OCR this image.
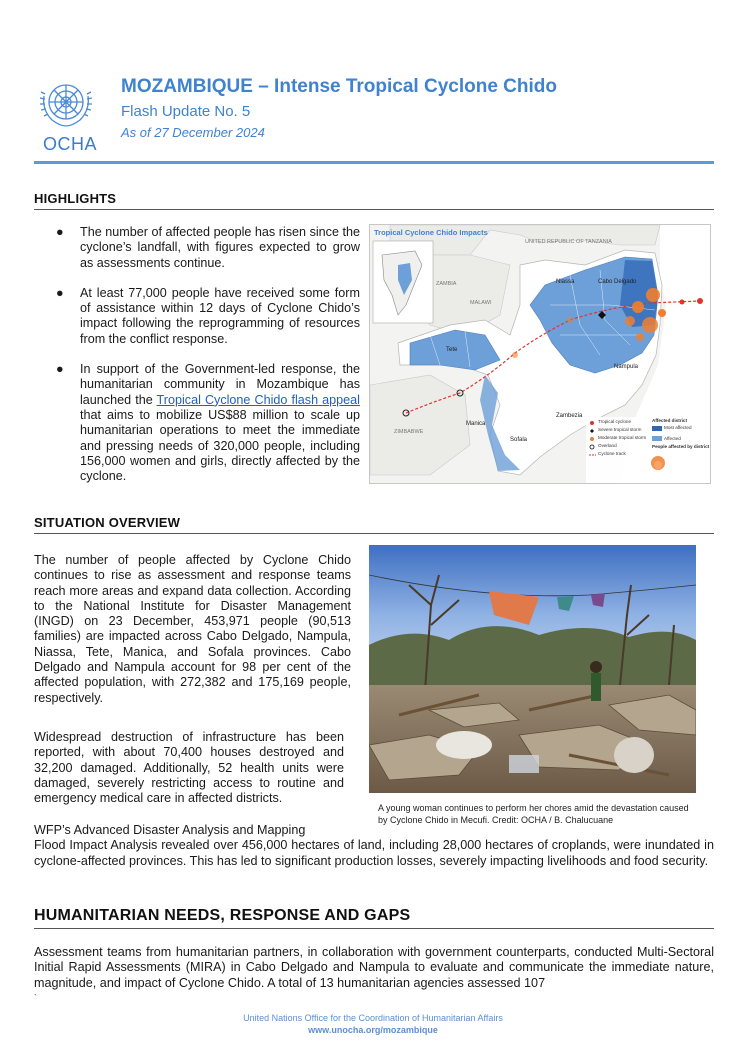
OCHA
MOZAMBIQUE – Intense Tropical Cyclone Chido
Flash Update No. 5
As of 27 December 2024
HIGHLIGHTS
● The number of affected people has risen since the cyclone’s landfall, with figures expected to grow as assessments continue.
● At least 77,000 people have received some form of assistance within 12 days of Cyclone Chido’s impact following the reprogramming of resources from the conflict response.
● In support of the Government-led response, the humanitarian community in Mozambique has launched the Tropical Cyclone Chido flash appeal that aims to mobilize US$88 million to scale up humanitarian operations to meet the immediate and pressing needs of 320,000 people, including 156,000 women and girls, directly affected by the cyclone.
Tropical Cyclone Chido Impacts
UNITED REPUBLIC OF TANZANIA
ZAMBIA
MALAWI
ZIMBABWE
Cabo Delgado
Niassa
Nampula
Tete
Manica
Sofala
Zambezia
Tropical cyclone
Severe tropical storm
Moderate tropical storm
Overland
Cyclone track
Affected district
Most affected
Affected
People affected by district
SITUATION OVERVIEW
The number of people affected by Cyclone Chido continues to rise as assessment and response teams reach more areas and expand data collection. According to the National Institute for Disaster Management (INGD) on 23 December, 453,971 people (90,513 families) are impacted across Cabo Delgado, Nampula, Niassa, Tete, Manica, and Sofala provinces. Cabo Delgado and Nampula account for 98 per cent of the affected population, with 272,382 and 175,169 people, respectively.
A young woman continues to perform her chores amid the devastation caused by Cyclone Chido in Mecufi. Credit: OCHA / B. Chalucuane
Widespread destruction of infrastructure has been reported, with about 70,400 houses destroyed and 32,200 damaged. Additionally, 52 health units were damaged, severely restricting access to routine and emergency medical care in affected districts.
WFP’s Advanced Disaster Analysis and Mapping
Flood Impact Analysis revealed over 456,000 hectares of land, including 28,000 hectares of croplands, were inundated in cyclone-affected provinces. This has led to significant production losses, severely impacting livelihoods and food security.
HUMANITARIAN NEEDS, RESPONSE AND GAPS
Assessment teams from humanitarian partners, in collaboration with government counterparts, conducted Multi-Sectoral Initial Rapid Assessments (MIRA) in Cabo Delgado and Nampula to evaluate and communicate the immediate nature, magnitude, and impact of Cyclone Chido. A total of 13 humanitarian agencies assessed 107
`
United Nations Office for the Coordination of Humanitarian Affairs
www.unocha.org/mozambique
